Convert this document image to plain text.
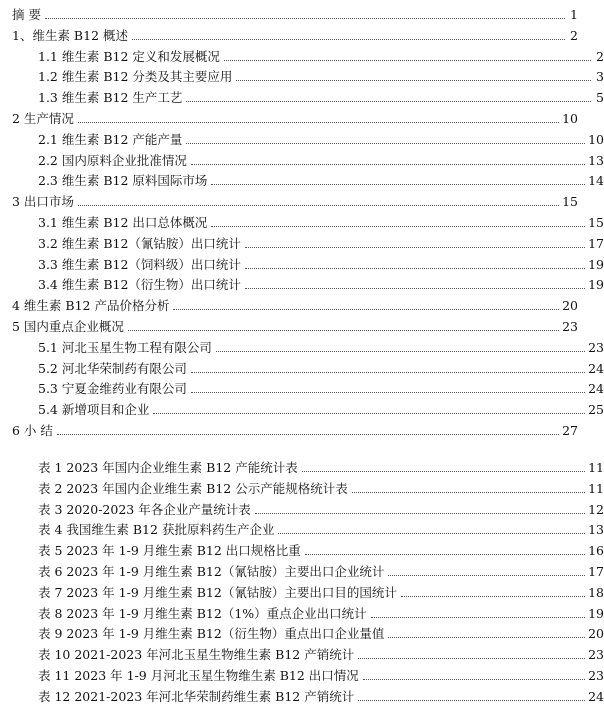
摘 要	1
1、维生素 B12 概述	2
1.1 维生素 B12 定义和发展概况	2
1.2 维生素 B12 分类及其主要应用	3
1.3 维生素 B12 生产工艺	5
2 生产情况	10
2.1 维生素 B12 产能产量	10
2.2 国内原料企业批准情况	13
2.3 维生素 B12 原料国际市场	14
3 出口市场	15
3.1 维生素 B12 出口总体概况	15
3.2 维生素 B12（氰钴胺）出口统计	17
3.3 维生素 B12（饲料级）出口统计	19
3.4 维生素 B12（衍生物）出口统计	19
4 维生素 B12 产品价格分析	20
5 国内重点企业概况	23
5.1 河北玉星生物工程有限公司	23
5.2 河北华荣制药有限公司	24
5.3 宁夏金维药业有限公司	24
5.4 新增项目和企业	25
6 小 结	27
表 1 2023 年国内企业维生素 B12 产能统计表	11
表 2 2023 年国内企业维生素 B12 公示产能规格统计表	11
表 3 2020-2023 年各企业产量统计表	12
表 4 我国维生素 B12 获批原料药生产企业	13
表 5 2023 年 1-9 月维生素 B12 出口规格比重	16
表 6 2023 年 1-9 月维生素 B12（氰钴胺）主要出口企业统计	17
表 7 2023 年 1-9 月维生素 B12（氰钴胺）主要出口目的国统计	18
表 8 2023 年 1-9 月维生素 B12（1%）重点企业出口统计	19
表 9 2023 年 1-9 月维生素 B12（衍生物）重点出口企业量值	20
表 10 2021-2023 年河北玉星生物维生素 B12 产销统计	23
表 11 2023 年 1-9 月河北玉星生物维生素 B12 出口情况	23
表 12 2021-2023 年河北华荣制药维生素 B12 产销统计	24
